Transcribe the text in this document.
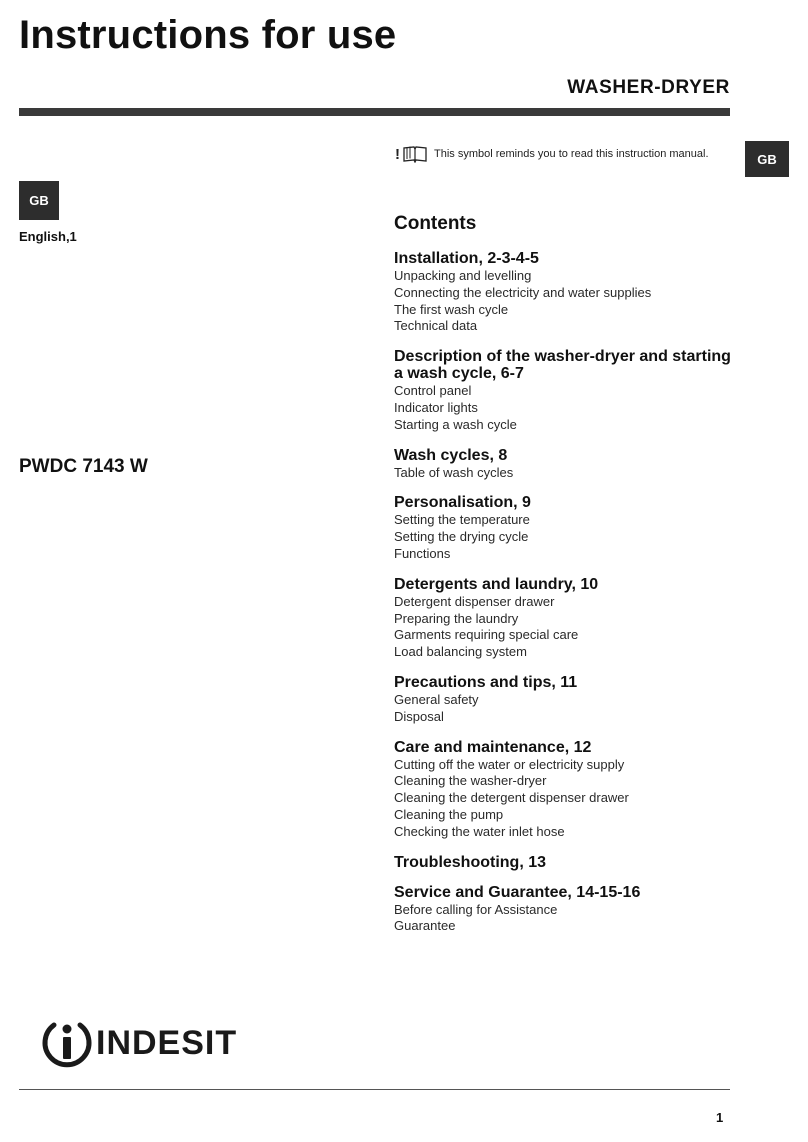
Instructions for use
WASHER-DRYER
GB
GB
English,1
PWDC 7143 W
!	This symbol reminds you to read this instruction manual.
Contents
Installation, 2-3-4-5
Unpacking and levelling
Connecting the electricity and water supplies
The first wash cycle
Technical data
Description of the washer-dryer and starting a wash cycle, 6-7
Control panel
Indicator lights
Starting a wash cycle
Wash cycles, 8
Table of wash cycles
Personalisation, 9
Setting the temperature
Setting the drying cycle
Functions
Detergents and laundry, 10
Detergent dispenser drawer
Preparing the laundry
Garments requiring special care
Load balancing system
Precautions and tips, 11
General safety
Disposal
Care and maintenance, 12
Cutting off the water or electricity supply
Cleaning the washer-dryer
Cleaning the detergent dispenser drawer
Cleaning the pump
Checking the water inlet hose
Troubleshooting, 13
Service and Guarantee, 14-15-16
Before calling for Assistance
Guarantee
INDESIT
1
